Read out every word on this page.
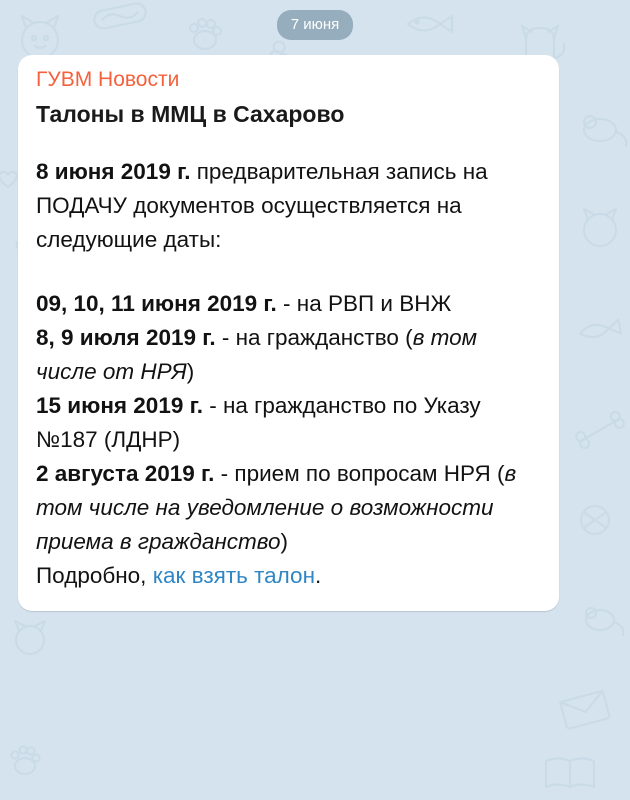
7 июня
ГУВМ Новости
Талоны в ММЦ в Сахарово

8 июня 2019 г. предварительная запись на ПОДАЧУ документов осуществляется на следующие даты:

09, 10, 11 июня 2019 г. - на РВП и ВНЖ

8, 9 июля 2019 г. - на гражданство (в том числе от НРЯ)

15 июня 2019 г. - на гражданство по Указу №187 (ЛДНР)

2 августа 2019 г. - прием по вопросам НРЯ (в том числе на уведомление о возможности приема в гражданство)

Подробно, как взять талон.
